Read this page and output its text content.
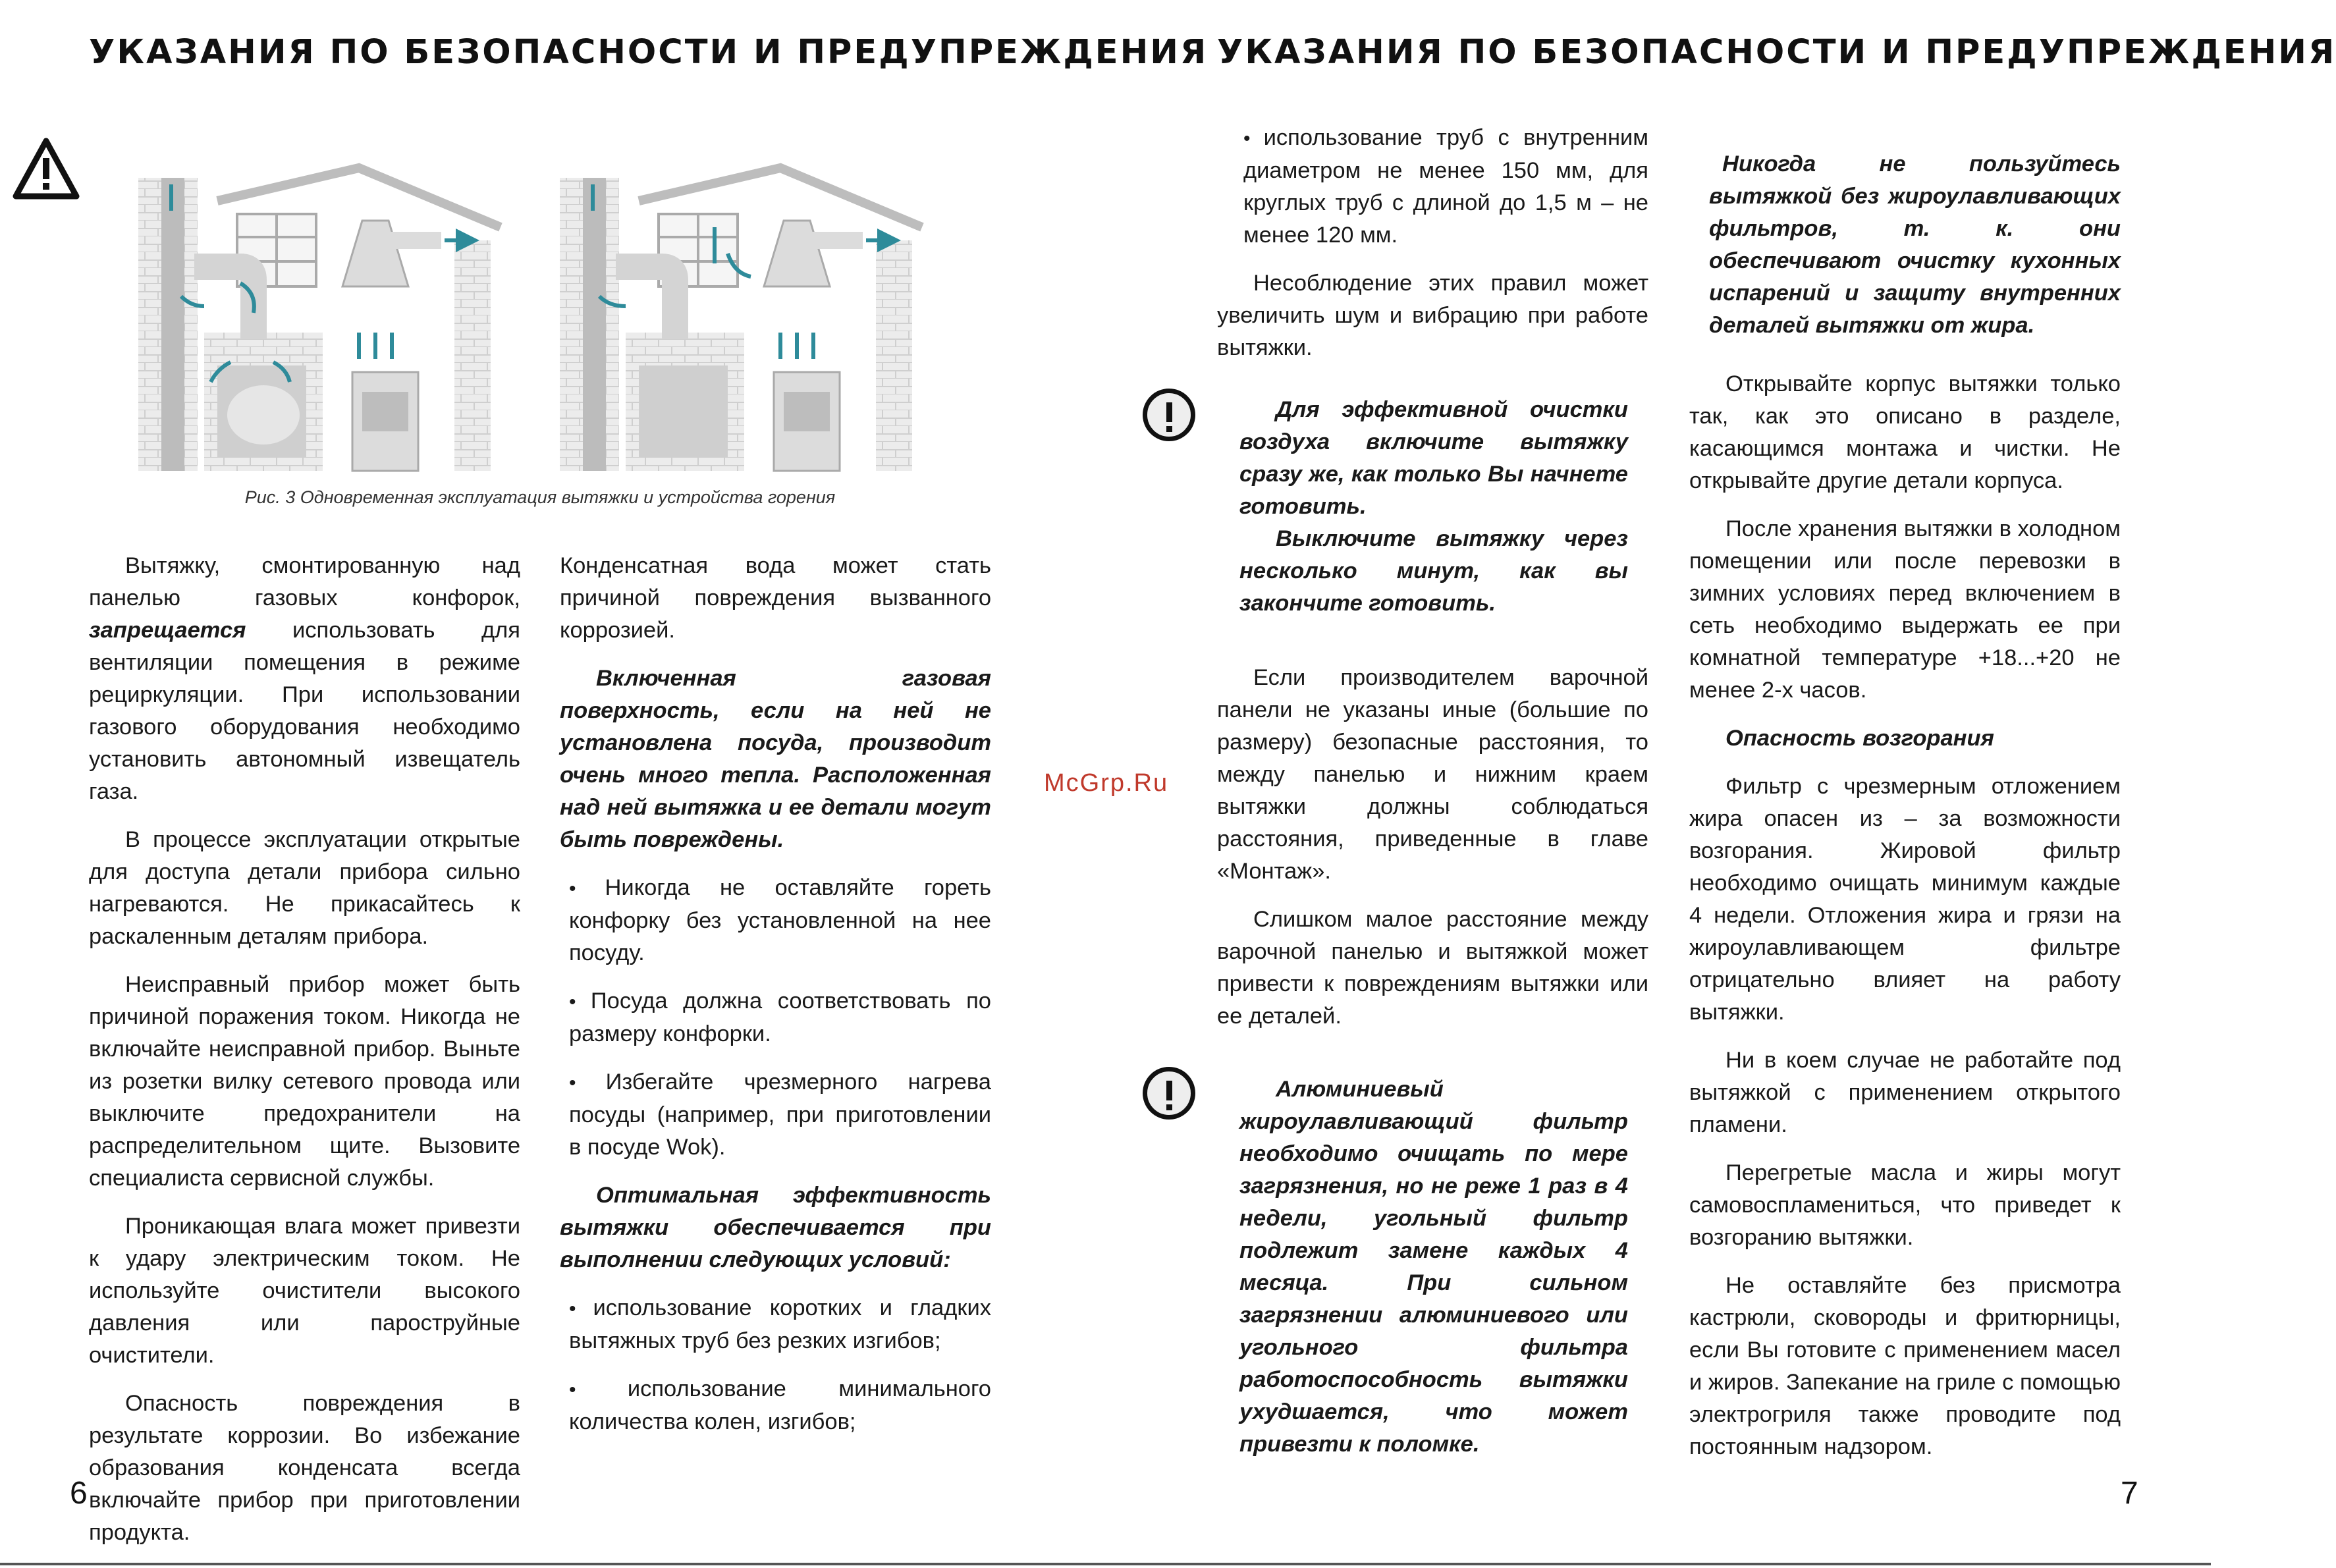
УКАЗАНИЯ ПО БЕЗОПАСНОСТИ И ПРЕДУПРЕЖДЕНИЯ
Рис. 3 Одновременная эксплуатация вытяжки и устройства горения

Вытяжку, смонтированную над панелью газовых конфорок, запрещается использовать для вентиляции помещения в режиме рециркуляции. При использовании газового оборудования необходимо установить автономный извещатель газа.

В процессе эксплуатации открытые для доступа детали прибора сильно нагреваются. Не прикасайтесь к раскаленным деталям прибора.

Неисправный прибор может быть причиной поражения током. Никогда не включайте неисправной прибор. Выньте из розетки вилку сетевого провода или выключите предохранители на распределительном щите. Вызовите специалиста сервисной службы.

Проникающая влага может привезти к удару электрическим током. Не используйте очистители высокого давления или пароструйные очистители.

Опасность повреждения в результате коррозии. Во избежание образования конденсата всегда включайте прибор при приготовлении продукта.

Конденсатная вода может стать причиной повреждения вызванного коррозией.

Включенная газовая поверхность, если на ней не установлена посуда, производит очень много тепла. Расположенная над ней вытяжка и ее детали могут быть повреждены.

• Никогда не оставляйте гореть конфорку без установленной на нее посуду.

• Посуда должна соответствовать по размеру конфорки.

• Избегайте чрезмерного нагрева посуды (например, при приготовлении в посуде Wok).

Оптимальная эффективность вытяжки обеспечивается при выполнении следующих условий:

• использование коротких и гладких вытяжных труб без резких изгибов;

• использование минимального количества колен, изгибов;

6
McGrp.Ru
УКАЗАНИЯ ПО БЕЗОПАСНОСТИ И ПРЕДУПРЕЖДЕНИЯ

• использование труб с внутренним диаметром не менее 150 мм, для круглых труб с длиной до 1,5 м – не менее 120 мм.

Несоблюдение этих правил может увеличить шум и вибрацию при работе вытяжки.

Для эффективной очистки воздуха включите вытяжку сразу же, как только Вы начнете готовить.

Выключите вытяжку через несколько минут, как вы закончите готовить.

Если производителем варочной панели не указаны иные (большие по размеру) безопасные расстояния, то между панелью и нижним краем вытяжки должны соблюдаться расстояния, приведенные в главе «Монтаж».

Слишком малое расстояние между варочной панелью и вытяжкой может привести к повреждениям вытяжки или ее деталей.

Алюминиевый жироулавливающий фильтр необходимо очищать по мере загрязнения, но не реже 1 раз в 4 недели, угольный фильтр подлежит замене каждых 4 месяца. При сильном загрязнении алюминиевого или угольного фильтра работоспособность вытяжки ухудшается, что может привезти к поломке.

Никогда не пользуйтесь вытяжкой без жироулавливающих фильтров, т. к. они обеспечивают очистку кухонных испарений и защиту внутренних деталей вытяжки от жира.

Открывайте корпус вытяжки только так, как это описано в разделе, касающимся монтажа и чистки. Не открывайте другие детали корпуса.

После хранения вытяжки в холодном помещении или после перевозки в зимних условиях перед включением в сеть необходимо выдержать ее при комнатной температуре +18...+20 не менее 2-х часов.

Опасность возгорания

Фильтр с чрезмерным отложением жира опасен из – за возможности возгорания. Жировой фильтр необходимо очищать минимум каждые 4 недели. Отложения жира и грязи на жироулавливающем фильтре отрицательно влияет на работу вытяжки.

Ни в коем случае не работайте под вытяжкой с применением открытого пламени.

Перегретые масла и жиры могут самовоспламениться, что приведет к возгоранию вытяжки.

Не оставляйте без присмотра кастрюли, сковороды и фритюрницы, если Вы готовите с применением масел и жиров. Запекание на гриле с помощью электрогриля также проводите под постоянным надзором.

7
